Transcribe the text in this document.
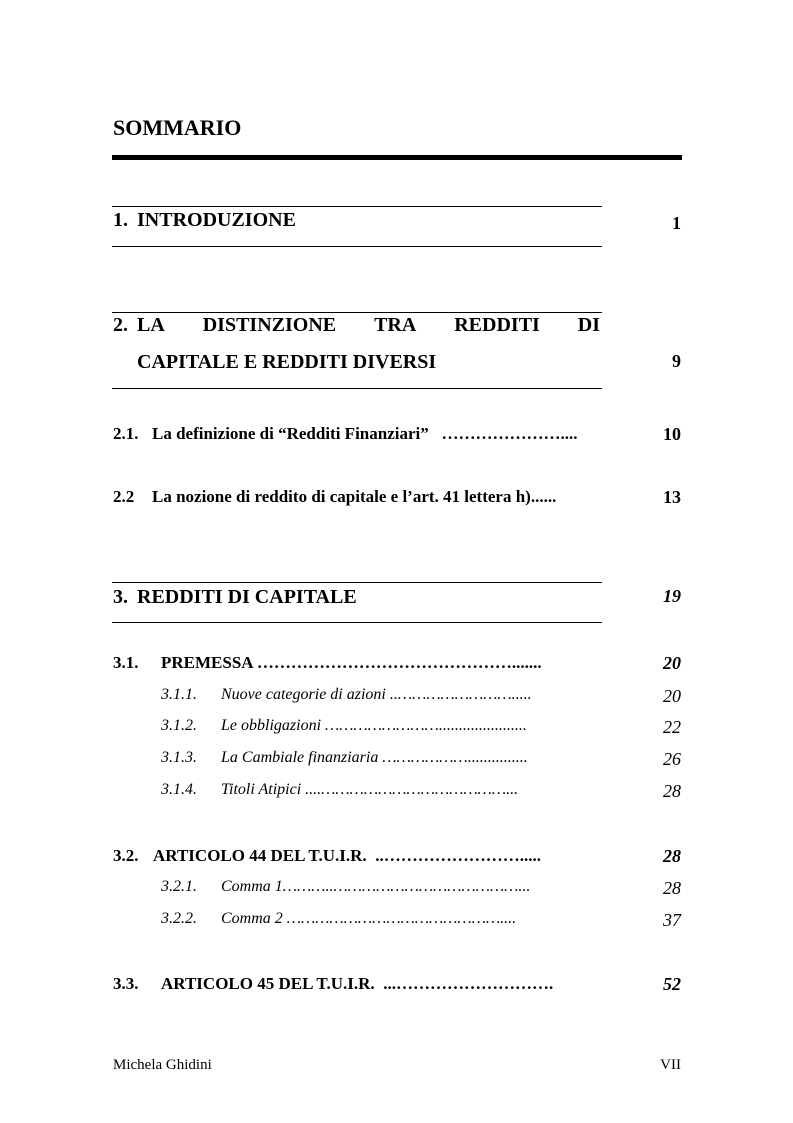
SOMMARIO
1. INTRODUZIONE	1
2. LA DISTINZIONE TRA REDDITI DI
CAPITALE E REDDITI DIVERSI	9
2.1. La definizione di “Redditi Finanziari” …………………....	10
2.2 La nozione di reddito di capitale e l’art. 41 lettera h)......	13
3. REDDITI DI CAPITALE	19
3.1. PREMESSA ……………………………………….......	20
3.1.1. Nuove categorie di azioni ..…………………….....	20
3.1.2. Le obbligazioni ……………………......................	22
3.1.3. La Cambiale finanziaria ………………...............	26
3.1.4. Titoli Atipici ....…………………………………...	28
3.2. ARTICOLO 44 DEL T.U.I.R. ..…………………….....	28
3.2.1. Comma 1………..…………………………………...	28
3.2.2. Comma 2 ………………………………………....	37
3.3. ARTICOLO 45 DEL T.U.I.R. ...……………………….	52
Michela Ghidini	VII
